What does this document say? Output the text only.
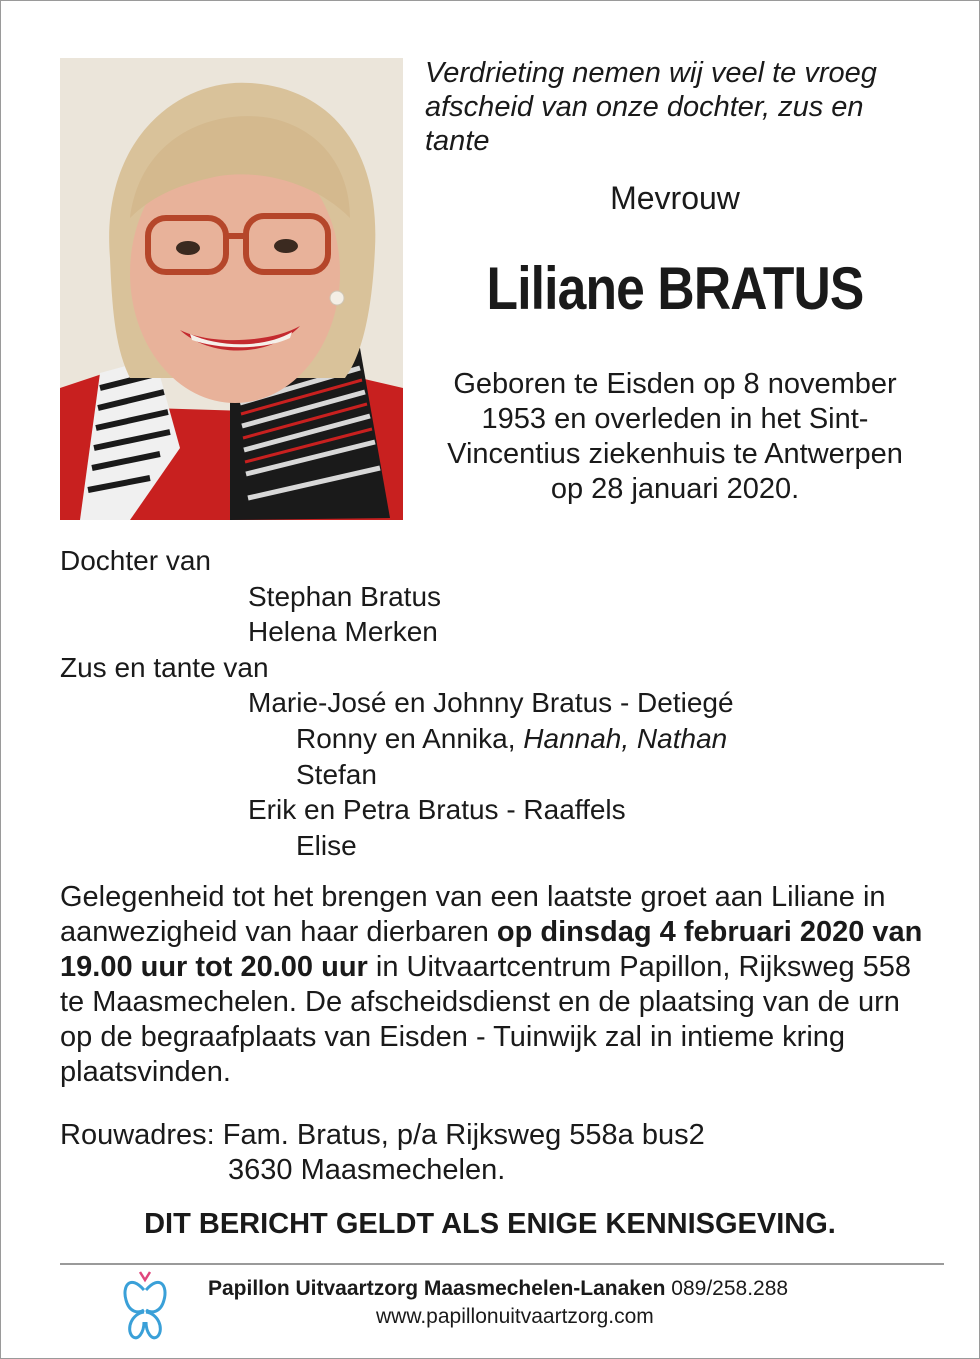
Verdrieting nemen wij veel te vroeg afscheid van onze dochter, zus en tante
Mevrouw
Liliane BRATUS
Geboren te Eisden op 8 november
1953 en overleden in het Sint-
Vincentius ziekenhuis te Antwerpen
op 28 januari 2020.
Dochter van
Stephan Bratus
Helena Merken
Zus en tante van
Marie-José en Johnny Bratus - Detiegé
Ronny en Annika, Hannah, Nathan
Stefan
Erik en Petra Bratus - Raaffels
Elise
Gelegenheid tot het brengen van een laatste groet aan Liliane in aanwezigheid van haar dierbaren op dinsdag 4 februari 2020 van 19.00 uur tot 20.00 uur in Uitvaartcentrum Papillon, Rijksweg 558 te Maasmechelen. De afscheidsdienst en de plaatsing van de urn op de begraafplaats van Eisden - Tuinwijk zal in intieme kring plaatsvinden.
Rouwadres: Fam. Bratus, p/a Rijksweg 558a bus2
3630 Maasmechelen.
DIT BERICHT GELDT ALS ENIGE KENNISGEVING.
Papillon Uitvaartzorg Maasmechelen-Lanaken 089/258.288
www.papillonuitvaartzorg.com
